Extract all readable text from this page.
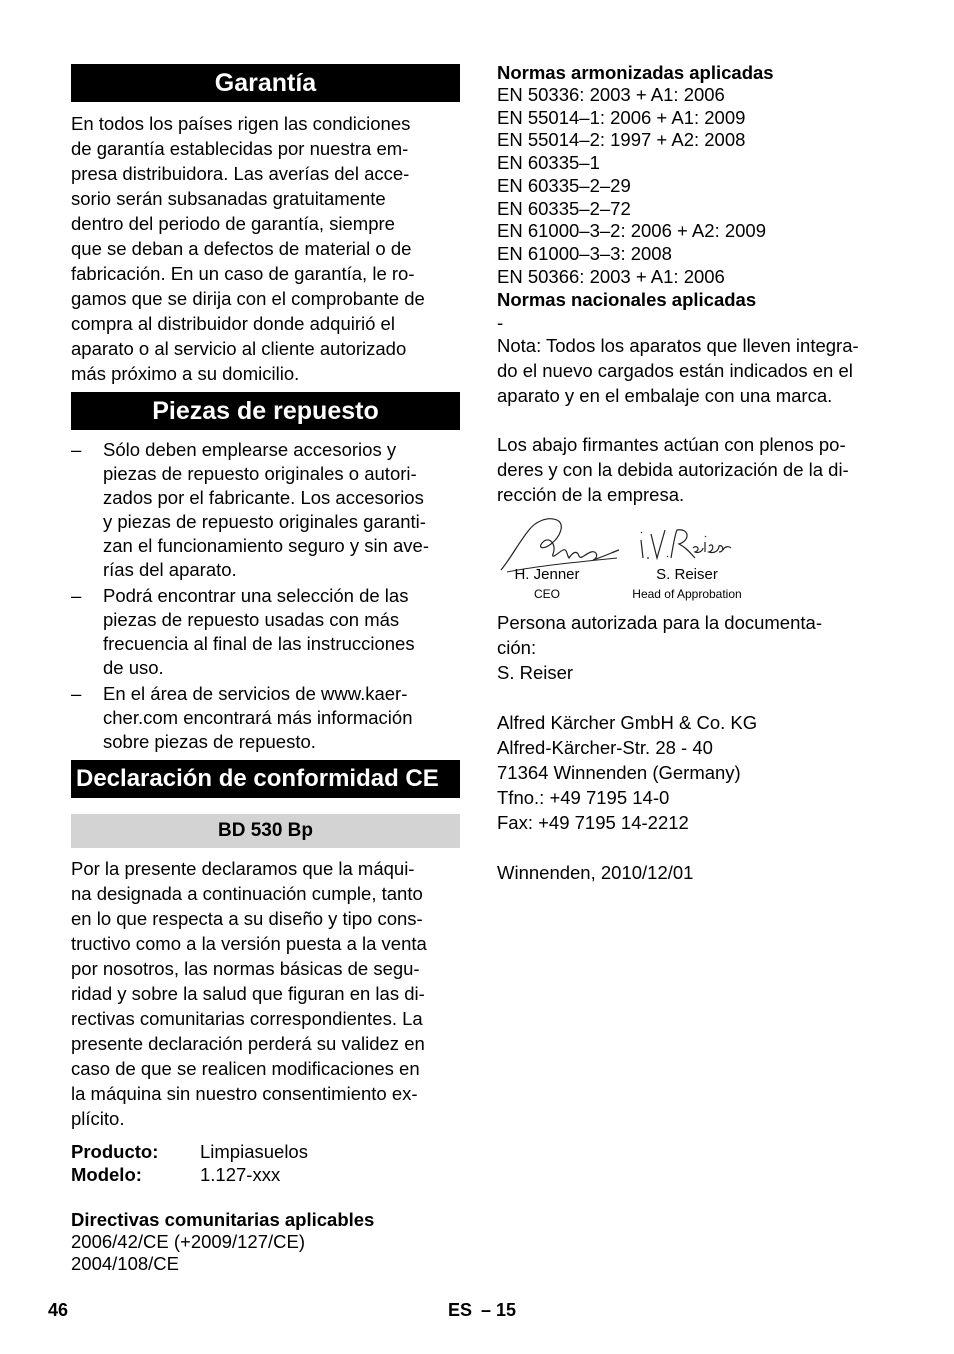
Garantía
En todos los países rigen las condiciones
de garantía establecidas por nuestra em-
presa distribuidora. Las averías del acce-
sorio serán subsanadas gratuitamente
dentro del periodo de garantía, siempre
que se deban a defectos de material o de
fabricación. En un caso de garantía, le ro-
gamos que se dirija con el comprobante de
compra al distribuidor donde adquirió el
aparato o al servicio al cliente autorizado
más próximo a su domicilio.
Piezas de repuesto
– Sólo deben emplearse accesorios y
piezas de repuesto originales o autori-
zados por el fabricante. Los accesorios
y piezas de repuesto originales garanti-
zan el funcionamiento seguro y sin ave-
rías del aparato.
– Podrá encontrar una selección de las
piezas de repuesto usadas con más
frecuencia al final de las instrucciones
de uso.
– En el área de servicios de www.kaer-
cher.com encontrará más información
sobre piezas de repuesto.
Declaración de conformidad CE
BD 530 Bp
Por la presente declaramos que la máqui-
na designada a continuación cumple, tanto
en lo que respecta a su diseño y tipo cons-
tructivo como a la versión puesta a la venta
por nosotros, las normas básicas de segu-
ridad y sobre la salud que figuran en las di-
rectivas comunitarias correspondientes. La
presente declaración perderá su validez en
caso de que se realicen modificaciones en
la máquina sin nuestro consentimiento ex-
plícito.
Producto: Limpiasuelos
Modelo:	1.127-xxx
Directivas comunitarias aplicables
2006/42/CE (+2009/127/CE)
2004/108/CE
Normas armonizadas aplicadas
EN 50336: 2003 + A1: 2006
EN 55014–1: 2006 + A1: 2009
EN 55014–2: 1997 + A2: 2008
EN 60335–1
EN 60335–2–29
EN 60335–2–72
EN 61000–3–2: 2006 + A2: 2009
EN 61000–3–3: 2008
EN 50366: 2003 + A1: 2006
Normas nacionales aplicadas
-
Nota: Todos los aparatos que lleven integra-
do el nuevo cargados están indicados en el
aparato y en el embalaje con una marca.
Los abajo firmantes actúan con plenos po-
deres y con la debida autorización de la di-
rección de la empresa.
H. Jenner
CEO
S. Reiser
Head of Approbation
Persona autorizada para la documenta-
ción:
S. Reiser
Alfred Kärcher GmbH & Co. KG
Alfred-Kärcher-Str. 28 - 40
71364 Winnenden (Germany)
Tfno.: +49 7195 14-0
Fax: +49 7195 14-2212
Winnenden, 2010/12/01
46	ES – 15
